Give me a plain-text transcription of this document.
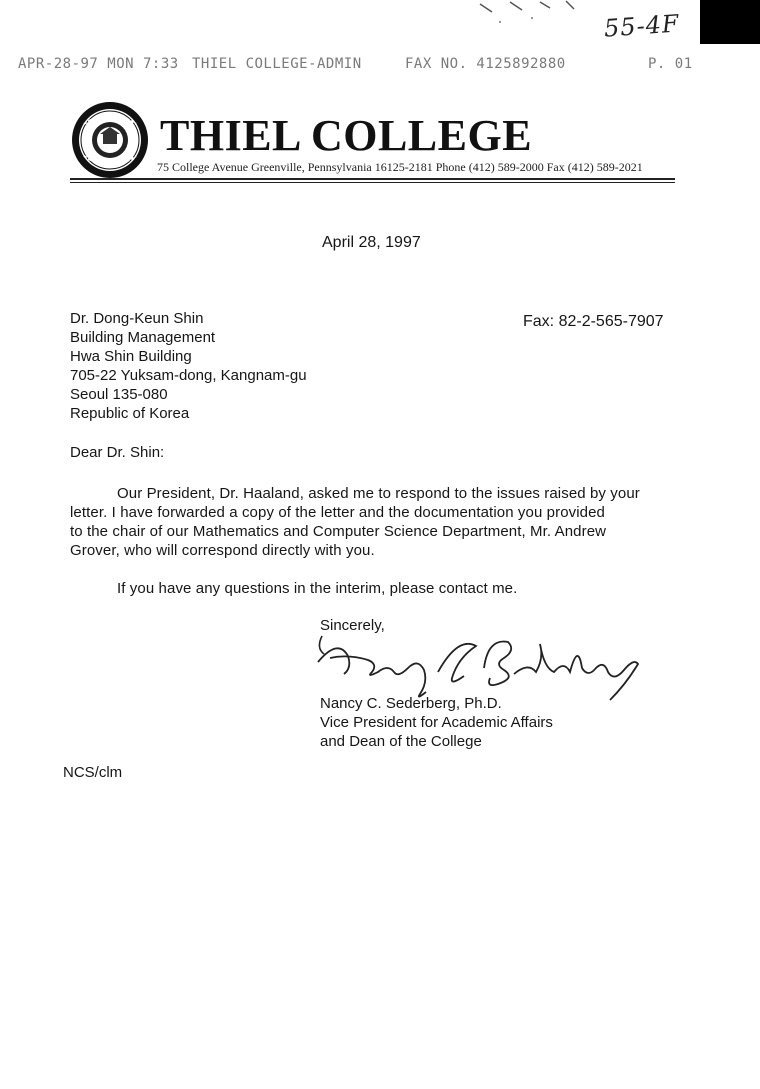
55-4F
APR-28-97 MON 7:33 THIEL COLLEGE-ADMIN	FAX NO. 4125892880	P. 01
THIEL COLLEGE
75 College Avenue Greenville, Pennsylvania 16125-2181 Phone (412) 589-2000 Fax (412) 589-2021
April 28, 1997
Dr. Dong-Keun Shin
Building Management
Hwa Shin Building
705-22 Yuksam-dong, Kangnam-gu
Seoul 135-080
Republic of Korea
Fax: 82-2-565-7907
Dear Dr. Shin:
Our President, Dr. Haaland, asked me to respond to the issues raised by your
letter. I have forwarded a copy of the letter and the documentation you provided
to the chair of our Mathematics and Computer Science Department, Mr. Andrew
Grover, who will correspond directly with you.
If you have any questions in the interim, please contact me.
Sincerely,
Nancy C. Sederberg, Ph.D.
Vice President for Academic Affairs
and Dean of the College
NCS/clm
